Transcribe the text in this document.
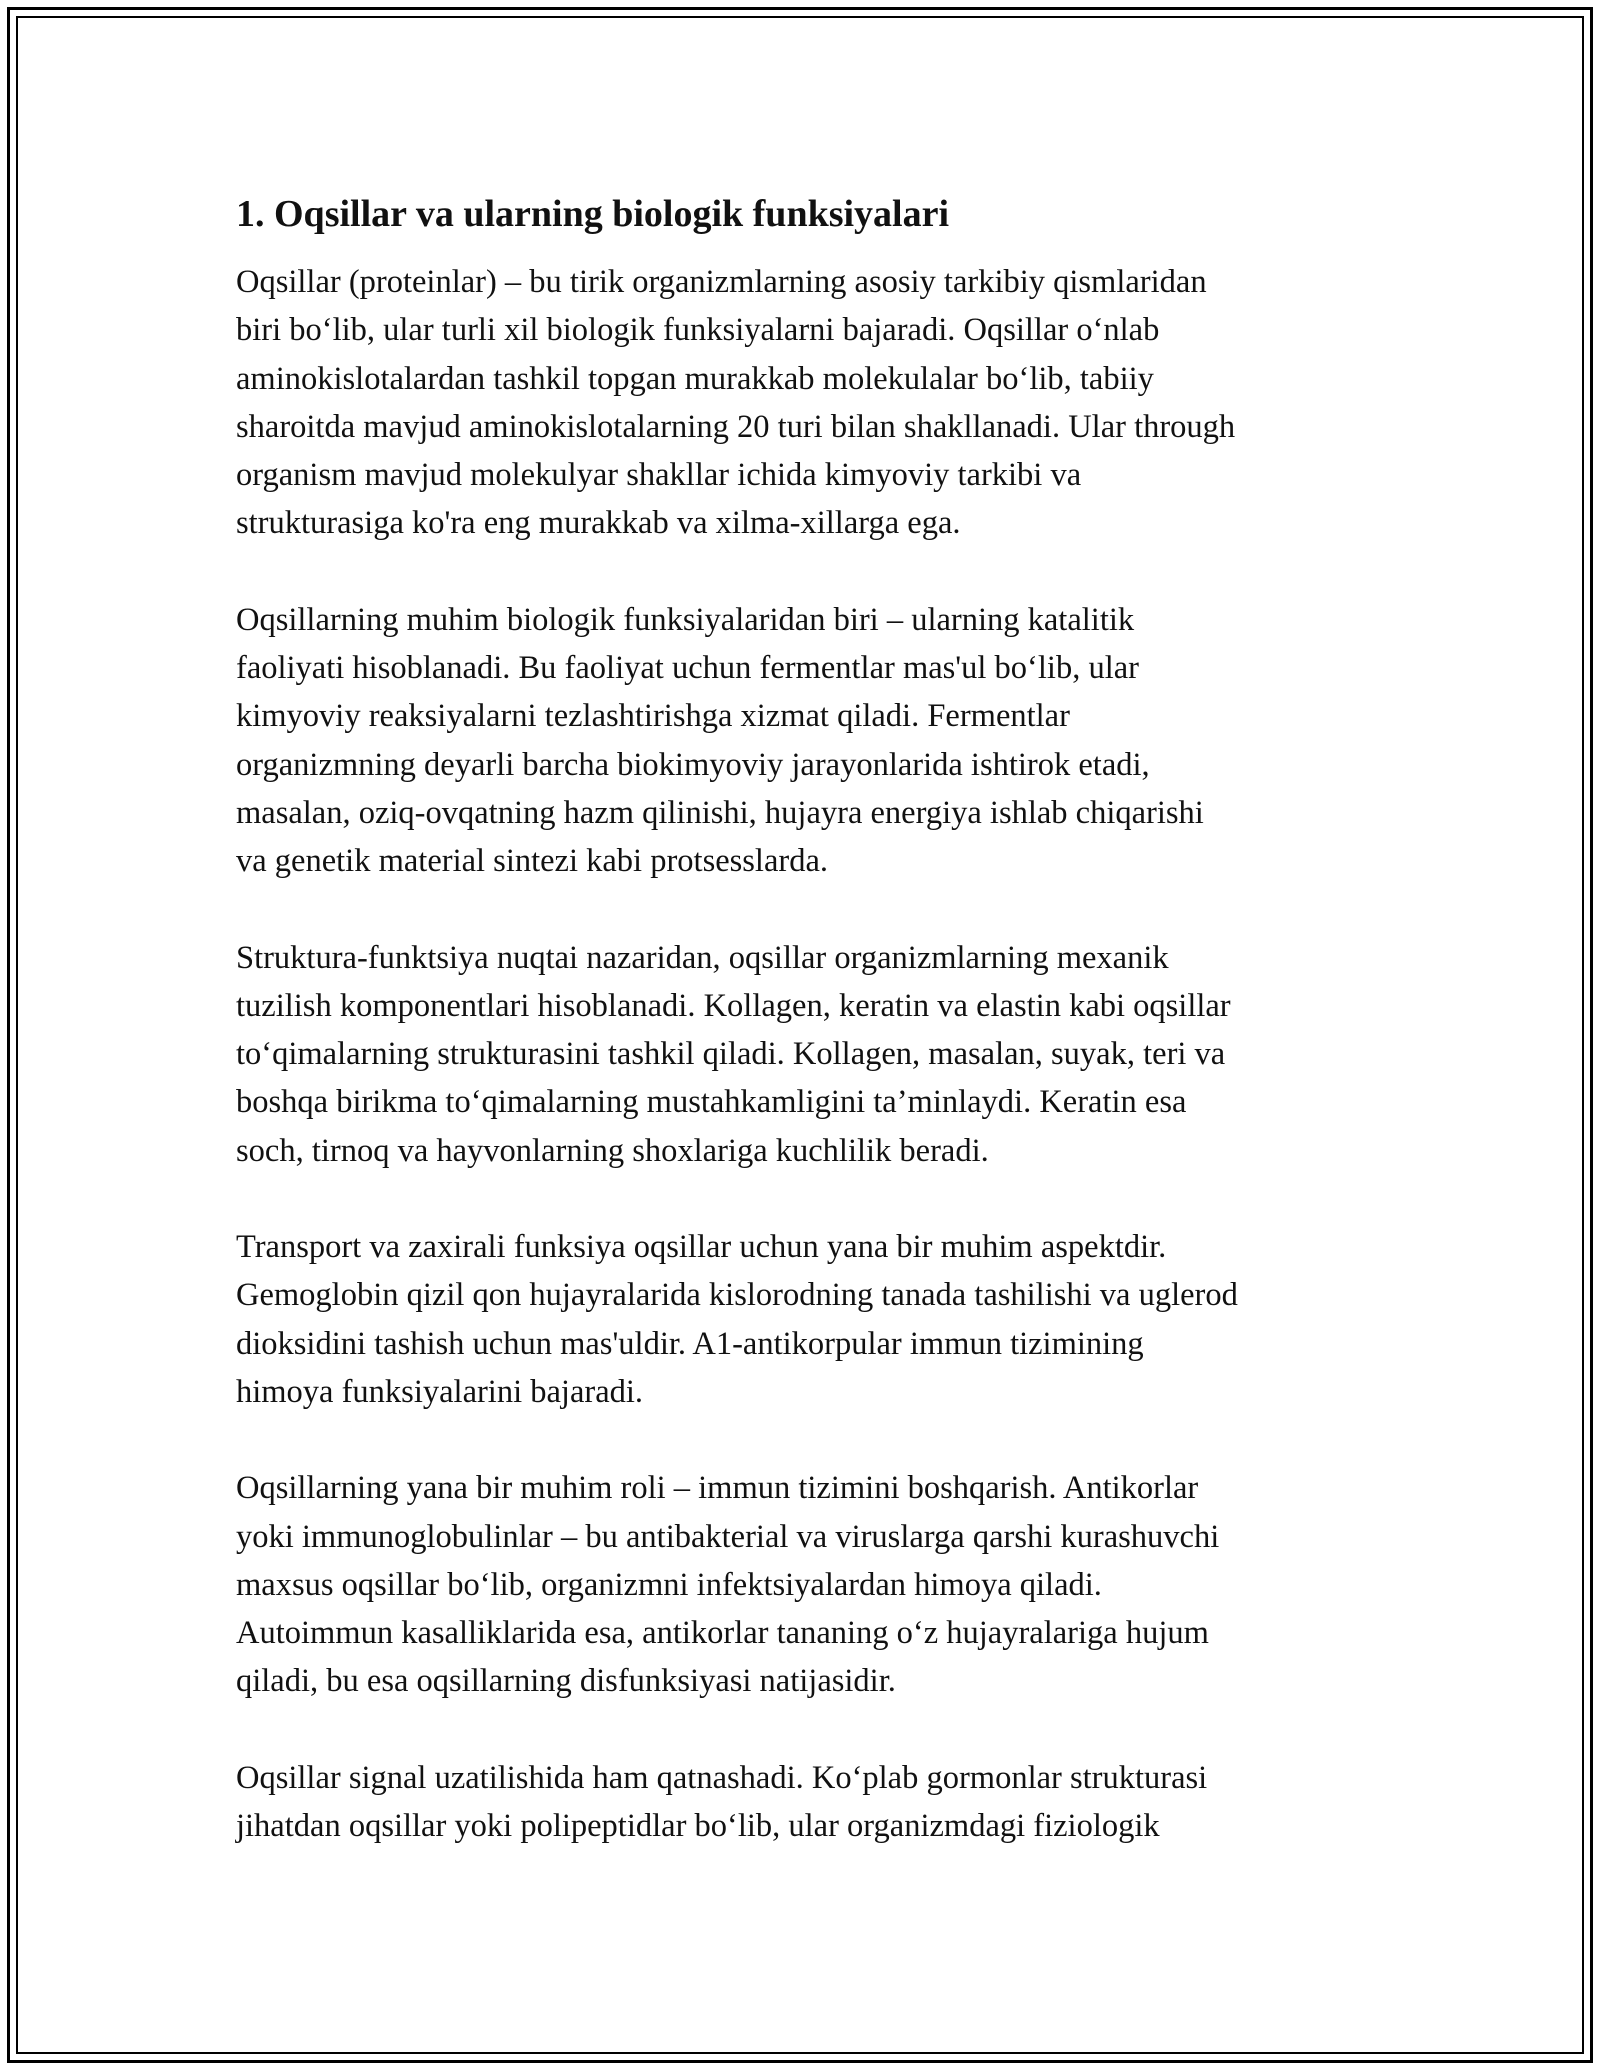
1. Oqsillar va ularning biologik funksiyalari
Oqsillar (proteinlar) – bu tirik organizmlarning asosiy tarkibiy qismlaridan
biri bo‘lib, ular turli xil biologik funksiyalarni bajaradi. Oqsillar o‘nlab
aminokislotalardan tashkil topgan murakkab molekulalar bo‘lib, tabiiy
sharoitda mavjud aminokislotalarning 20 turi bilan shakllanadi. Ular through
organism mavjud molekulyar shakllar ichida kimyoviy tarkibi va
strukturasiga ko'ra eng murakkab va xilma-xillarga ega.
Oqsillarning muhim biologik funksiyalaridan biri – ularning katalitik
faoliyati hisoblanadi. Bu faoliyat uchun fermentlar mas'ul bo‘lib, ular
kimyoviy reaksiyalarni tezlashtirishga xizmat qiladi. Fermentlar
organizmning deyarli barcha biokimyoviy jarayonlarida ishtirok etadi,
masalan, oziq-ovqatning hazm qilinishi, hujayra energiya ishlab chiqarishi
va genetik material sintezi kabi protsesslarda.
Struktura-funktsiya nuqtai nazaridan, oqsillar organizmlarning mexanik
tuzilish komponentlari hisoblanadi. Kollagen, keratin va elastin kabi oqsillar
to‘qimalarning strukturasini tashkil qiladi. Kollagen, masalan, suyak, teri va
boshqa birikma to‘qimalarning mustahkamligini ta’minlaydi. Keratin esa
soch, tirnoq va hayvonlarning shoxlariga kuchlilik beradi.
Transport va zaxirali funksiya oqsillar uchun yana bir muhim aspektdir.
Gemoglobin qizil qon hujayralarida kislorodning tanada tashilishi va uglerod
dioksidini tashish uchun mas'uldir. A1-antikorpular immun tizimining
himoya funksiyalarini bajaradi.
Oqsillarning yana bir muhim roli – immun tizimini boshqarish. Antikorlar
yoki immunoglobulinlar – bu antibakterial va viruslarga qarshi kurashuvchi
maxsus oqsillar bo‘lib, organizmni infektsiyalardan himoya qiladi.
Autoimmun kasalliklarida esa, antikorlar tananing o‘z hujayralariga hujum
qiladi, bu esa oqsillarning disfunksiyasi natijasidir.
Oqsillar signal uzatilishida ham qatnashadi. Ko‘plab gormonlar strukturasi
jihatdan oqsillar yoki polipeptidlar bo‘lib, ular organizmdagi fiziologik
